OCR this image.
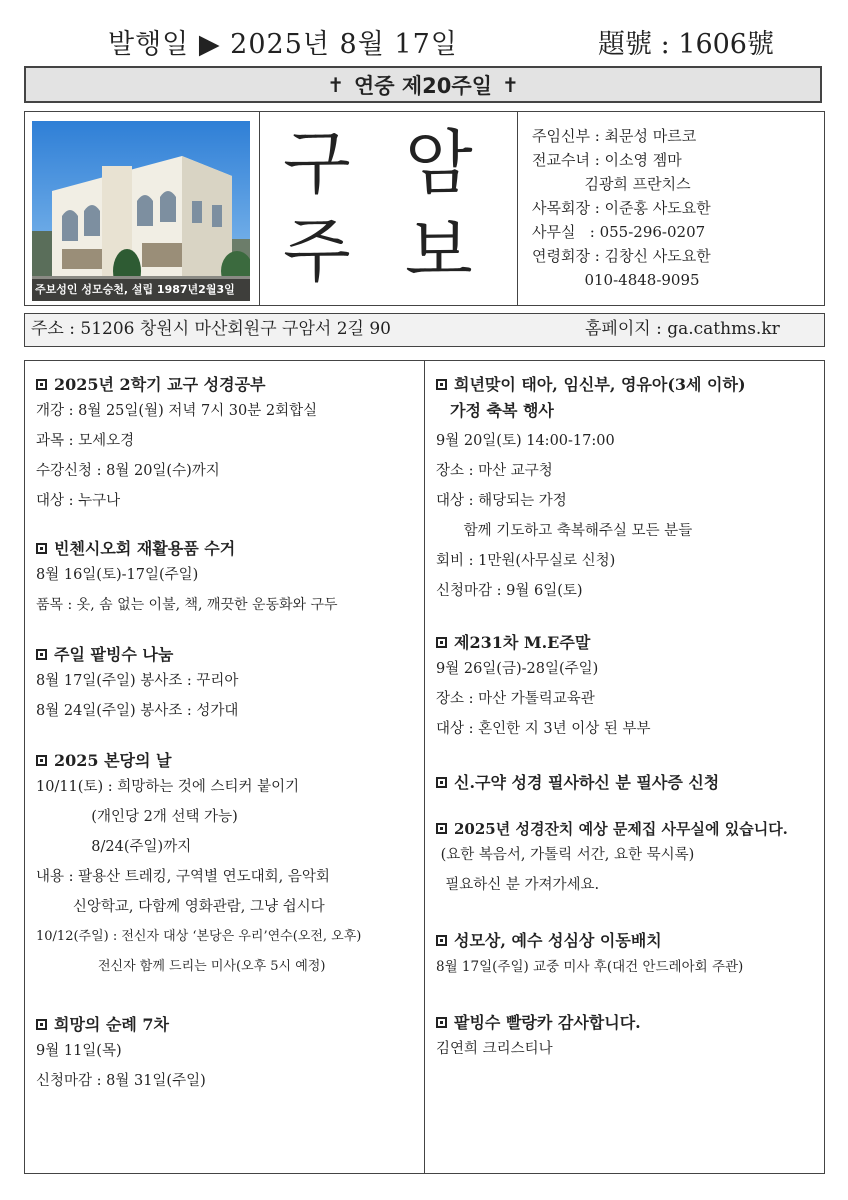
발행일 ▶ 2025년 8월 17일	題號 : 1606號
✝ 연중 제20주일 ✝
주보성인 성모승천, 설립 1987년2월3일
구 암
주 보
주임신부 : 최문성 마르코
전교수녀 : 이소영 젬마
김광희 프란치스
사목회장 : 이준홍 사도요한
사무실   : 055-296-0207
연령회장 : 김창신 사도요한
010-4848-9095
주소 : 51206 창원시 마산회원구 구암서 2길 90	홈페이지 : ga.cathms.kr
2025년 2학기 교구 성경공부
개강 : 8월 25일(월) 저녁 7시 30분 2회합실
과목 : 모세오경
수강신청 : 8월 20일(수)까지
대상 : 누구나
빈첸시오회 재활용품 수거
8월 16일(토)-17일(주일)
품목 : 옷, 솜 없는 이불, 책, 깨끗한 운동화와 구두
주일 팥빙수 나눔
8월 17일(주일) 봉사조 : 꾸리아
8월 24일(주일) 봉사조 : 성가대
2025 본당의 날
10/11(토) : 희망하는 것에 스티커 붙이기
(개인당 2개 선택 가능)
8/24(주일)까지
내용 : 팔용산 트레킹, 구역별 연도대회, 음악회
신앙학교, 다함께 영화관람, 그냥 쉽시다
10/12(주일) : 전신자 대상 ‘본당은 우리’연수(오전, 오후)
전신자 함께 드리는 미사(오후 5시 예정)
희망의 순례 7차
9월 11일(목)
신청마감 : 8월 31일(주일)
희년맞이 태아, 임신부, 영유아(3세 이하)
가정 축복 행사
9월 20일(토) 14:00-17:00
장소 : 마산 교구청
대상 : 해당되는 가정
함께 기도하고 축복해주실 모든 분들
회비 : 1만원(사무실로 신청)
신청마감 : 9월 6일(토)
제231차 M.E주말
9월 26일(금)-28일(주일)
장소 : 마산 가톨릭교육관
대상 : 혼인한 지 3년 이상 된 부부
신.구약 성경 필사하신 분 필사증 신청
2025년 성경잔치 예상 문제집 사무실에 있습니다.
(요한 복음서, 가톨릭 서간, 요한 묵시록)
필요하신 분 가져가세요.
성모상, 예수 성심상 이동배치
8월 17일(주일) 교중 미사 후(대건 안드레아회 주관)
팥빙수 빨랑카 감사합니다.
김연희 크리스티나
